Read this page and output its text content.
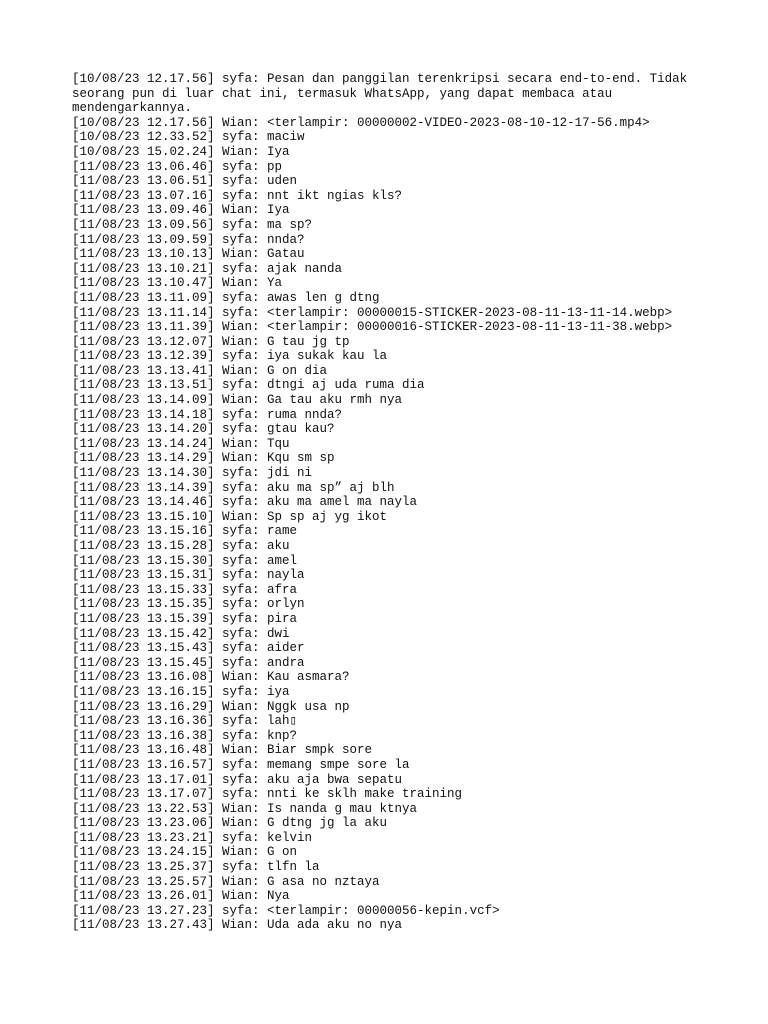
[10/08/23 12.17.56] syfa: Pesan dan panggilan terenkripsi secara end-to-end. Tidak
seorang pun di luar chat ini, termasuk WhatsApp, yang dapat membaca atau
mendengarkannya.
[10/08/23 12.17.56] Wian: <terlampir: 00000002-VIDEO-2023-08-10-12-17-56.mp4>
[10/08/23 12.33.52] syfa: maciw
[10/08/23 15.02.24] Wian: Iya
[11/08/23 13.06.46] syfa: pp
[11/08/23 13.06.51] syfa: uden
[11/08/23 13.07.16] syfa: nnt ikt ngias kls?
[11/08/23 13.09.46] Wian: Iya
[11/08/23 13.09.56] syfa: ma sp?
[11/08/23 13.09.59] syfa: nnda?
[11/08/23 13.10.13] Wian: Gatau
[11/08/23 13.10.21] syfa: ajak nanda
[11/08/23 13.10.47] Wian: Ya
[11/08/23 13.11.09] syfa: awas len g dtng
[11/08/23 13.11.14] syfa: <terlampir: 00000015-STICKER-2023-08-11-13-11-14.webp>
[11/08/23 13.11.39] Wian: <terlampir: 00000016-STICKER-2023-08-11-13-11-38.webp>
[11/08/23 13.12.07] Wian: G tau jg tp
[11/08/23 13.12.39] syfa: iya sukak kau la
[11/08/23 13.13.41] Wian: G on dia
[11/08/23 13.13.51] syfa: dtngi aj uda ruma dia
[11/08/23 13.14.09] Wian: Ga tau aku rmh nya
[11/08/23 13.14.18] syfa: ruma nnda?
[11/08/23 13.14.20] syfa: gtau kau?
[11/08/23 13.14.24] Wian: Tqu
[11/08/23 13.14.29] Wian: Kqu sm sp
[11/08/23 13.14.30] syfa: jdi ni
[11/08/23 13.14.39] syfa: aku ma sp” aj blh
[11/08/23 13.14.46] syfa: aku ma amel ma nayla
[11/08/23 13.15.10] Wian: Sp sp aj yg ikot
[11/08/23 13.15.16] syfa: rame
[11/08/23 13.15.28] syfa: aku
[11/08/23 13.15.30] syfa: amel
[11/08/23 13.15.31] syfa: nayla
[11/08/23 13.15.33] syfa: afra
[11/08/23 13.15.35] syfa: orlyn
[11/08/23 13.15.39] syfa: pira
[11/08/23 13.15.42] syfa: dwi
[11/08/23 13.15.43] syfa: aider
[11/08/23 13.15.45] syfa: andra
[11/08/23 13.16.08] Wian: Kau asmara?
[11/08/23 13.16.15] syfa: iya
[11/08/23 13.16.29] Wian: Nggk usa np
[11/08/23 13.16.36] syfa: lah▯
[11/08/23 13.16.38] syfa: knp?
[11/08/23 13.16.48] Wian: Biar smpk sore
[11/08/23 13.16.57] syfa: memang smpe sore la
[11/08/23 13.17.01] syfa: aku aja bwa sepatu
[11/08/23 13.17.07] syfa: nnti ke sklh make training
[11/08/23 13.22.53] Wian: Is nanda g mau ktnya
[11/08/23 13.23.06] Wian: G dtng jg la aku
[11/08/23 13.23.21] syfa: kelvin
[11/08/23 13.24.15] Wian: G on
[11/08/23 13.25.37] syfa: tlfn la
[11/08/23 13.25.57] Wian: G asa no nztaya
[11/08/23 13.26.01] Wian: Nya
[11/08/23 13.27.23] syfa: <terlampir: 00000056-kepin.vcf>
[11/08/23 13.27.43] Wian: Uda ada aku no nya
